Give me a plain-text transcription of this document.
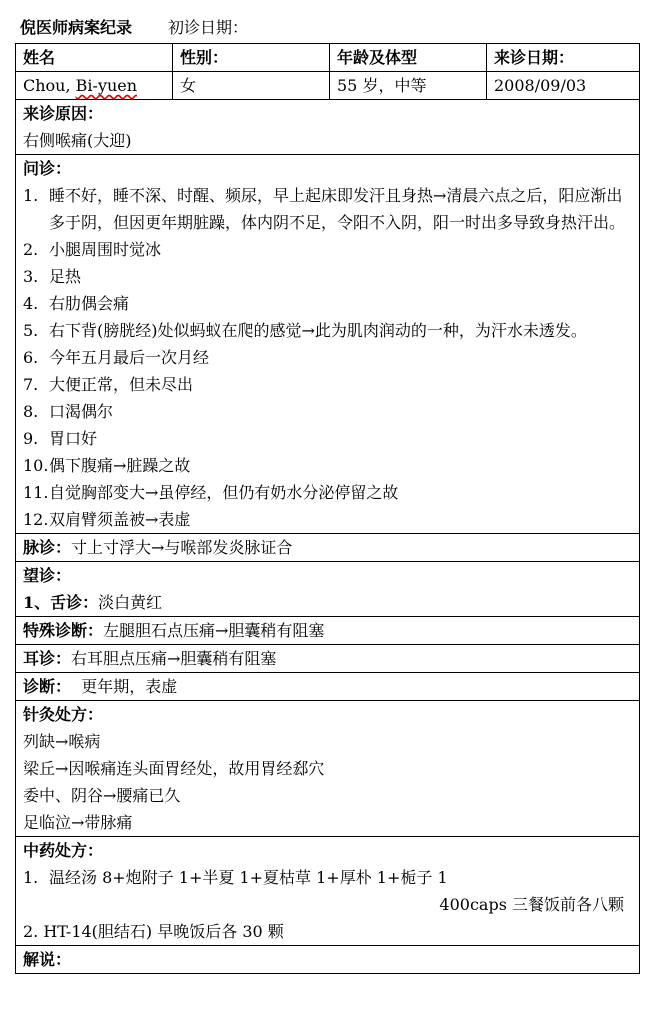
倪医师病案纪录 初诊日期：
姓名	性别：	年龄及体型	来诊日期：
Chou, Bi-yuen	女	55 岁，中等	2008/09/03
来诊原因：
右侧喉痛(大迎)
问诊：
1. 睡不好，睡不深、时醒、频尿，早上起床即发汗且身热→清晨六点之后，阳应渐出多于阴，但因更年期脏躁，体内阴不足，令阳不入阴，阳一时出多导致身热汗出。
2. 小腿周围时觉冰
3. 足热
4. 右肋偶会痛
5. 右下背(膀胱经)处似蚂蚁在爬的感觉→此为肌肉润动的一种，为汗水未透发。
6. 今年五月最后一次月经
7. 大便正常，但未尽出
8. 口渴偶尔
9. 胃口好
10. 偶下腹痛→脏躁之故
11. 自觉胸部变大→虽停经，但仍有奶水分泌停留之故
12. 双肩臂须盖被→表虚
脉诊：寸上寸浮大→与喉部发炎脉证合
望诊：
1、舌诊：淡白黄红
特殊诊断：左腿胆石点压痛→胆囊稍有阻塞
耳诊：右耳胆点压痛→胆囊稍有阻塞
诊断： 更年期，表虚
针灸处方：
列缺→喉病
梁丘→因喉痛连头面胃经处，故用胃经郄穴
委中、阴谷→腰痛已久
足临泣→带脉痛
中药处方：
1. 温经汤 8+炮附子 1+半夏 1+夏枯草 1+厚朴 1+栀子 1
400caps 三餐饭前各八颗
2. HT-14(胆结石) 早晚饭后各 30 颗
解说：
